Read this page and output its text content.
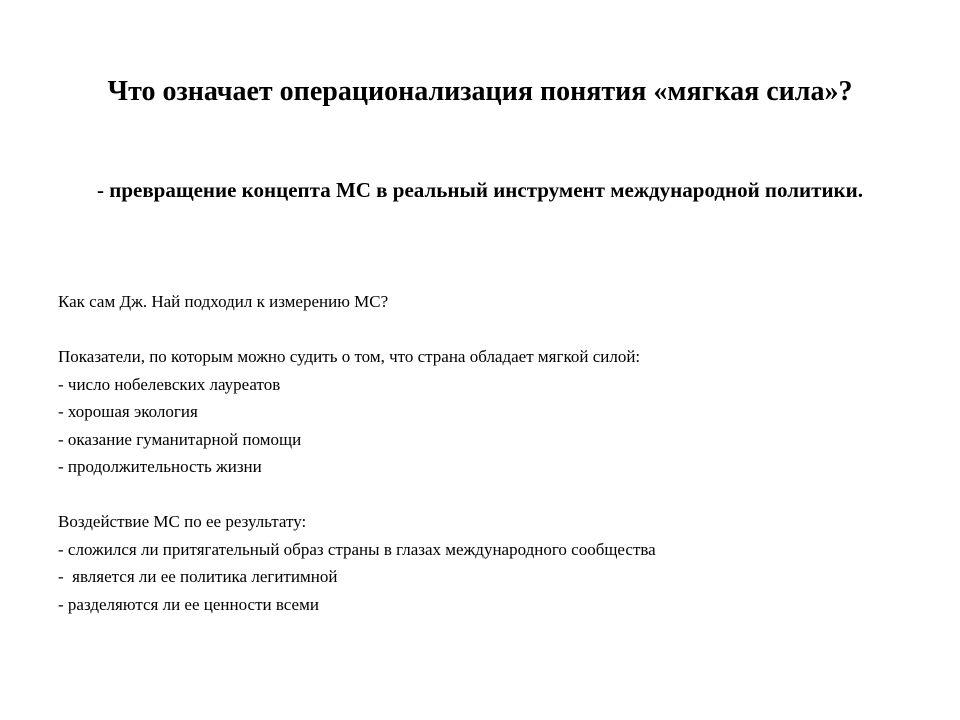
Что означает операционализация понятия «мягкая сила»?
- превращение концепта МС в реальный инструмент международной политики.
Как сам Дж. Най подходил к измерению МС?
Показатели, по которым можно судить о том, что страна обладает мягкой силой:
- число нобелевских лауреатов
- хорошая экология
- оказание гуманитарной помощи
- продолжительность жизни
Воздействие МС по ее результату:
- сложился ли притягательный образ страны в глазах международного сообщества
-  является ли ее политика легитимной
- разделяются ли ее ценности всеми
